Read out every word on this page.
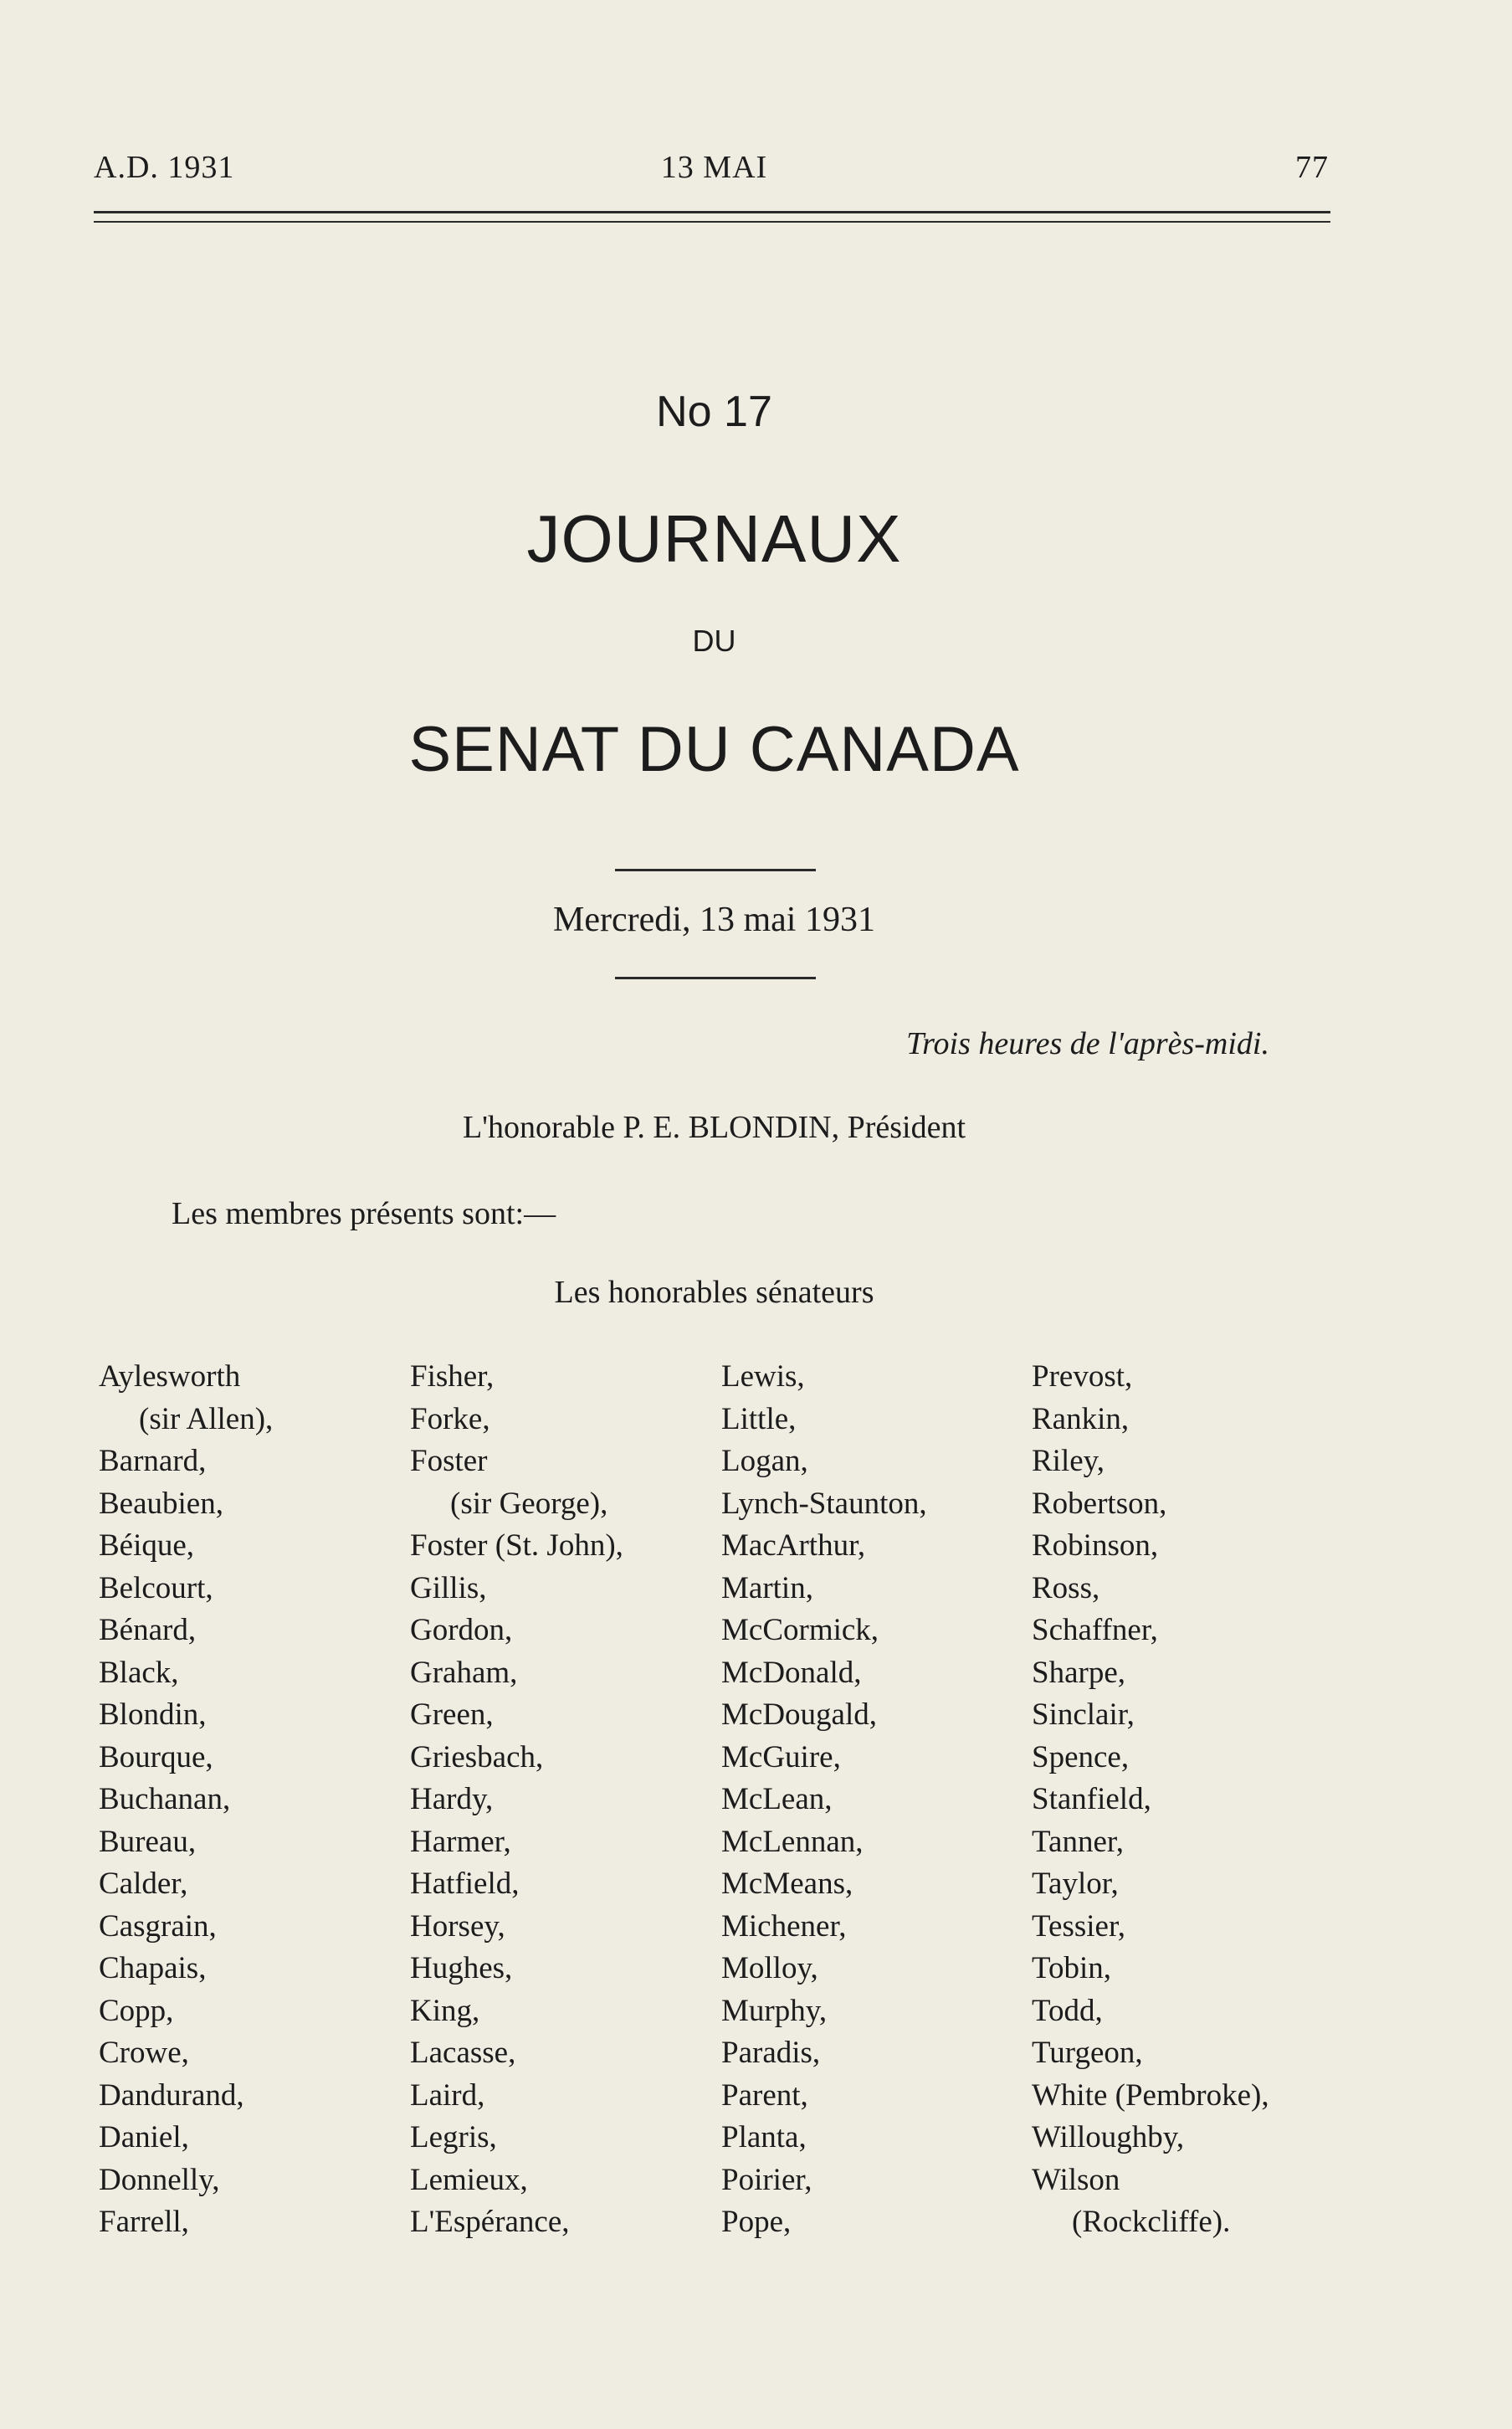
A.D. 1931	13 MAI	77
No 17
JOURNAUX
DU
SENAT DU CANADA
Mercredi, 13 mai 1931
Trois heures de l'après-midi.
L'honorable P. E. BLONDIN, Président
Les membres présents sont:—
Les honorables sénateurs
Aylesworth
(sir Allen),
Barnard,
Beaubien,
Béique,
Belcourt,
Bénard,
Black,
Blondin,
Bourque,
Buchanan,
Bureau,
Calder,
Casgrain,
Chapais,
Copp,
Crowe,
Dandurand,
Daniel,
Donnelly,
Farrell,
Fisher,
Forke,
Foster
(sir George),
Foster (St. John),
Gillis,
Gordon,
Graham,
Green,
Griesbach,
Hardy,
Harmer,
Hatfield,
Horsey,
Hughes,
King,
Lacasse,
Laird,
Legris,
Lemieux,
L'Espérance,
Lewis,
Little,
Logan,
Lynch-Staunton,
MacArthur,
Martin,
McCormick,
McDonald,
McDougald,
McGuire,
McLean,
McLennan,
McMeans,
Michener,
Molloy,
Murphy,
Paradis,
Parent,
Planta,
Poirier,
Pope,
Prevost,
Rankin,
Riley,
Robertson,
Robinson,
Ross,
Schaffner,
Sharpe,
Sinclair,
Spence,
Stanfield,
Tanner,
Taylor,
Tessier,
Tobin,
Todd,
Turgeon,
White (Pembroke),
Willoughby,
Wilson
(Rockcliffe).
